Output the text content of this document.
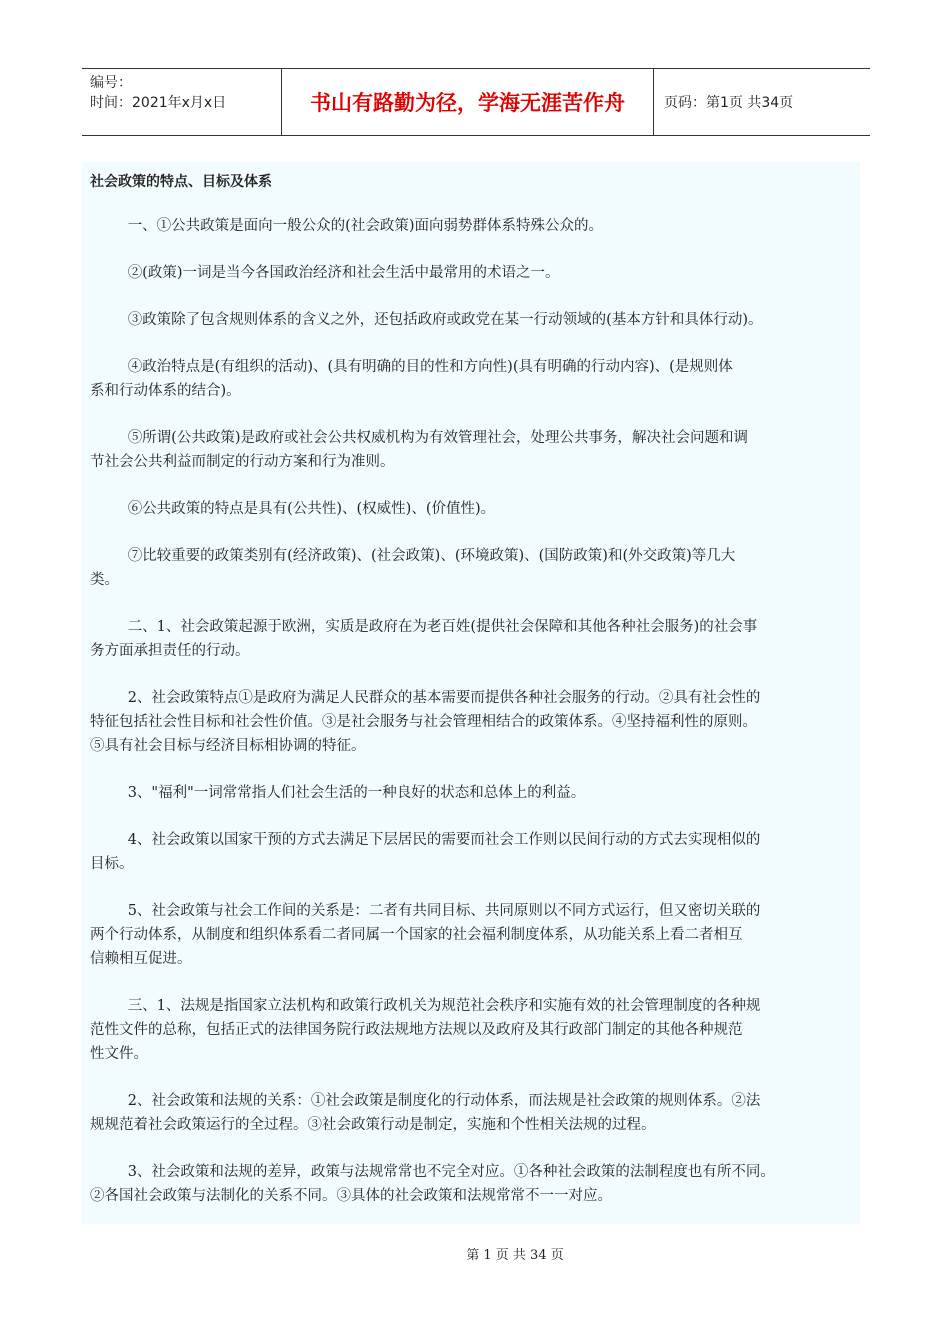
编号：
时间：2021年x月x日	书山有路勤为径，学海无涯苦作舟	页码：第1页 共34页
社会政策的特点、目标及体系

一、①公共政策是面向一般公众的(社会政策)面向弱势群体系特殊公众的。

②(政策)一词是当今各国政治经济和社会生活中最常用的术语之一。

③政策除了包含规则体系的含义之外，还包括政府或政党在某一行动领域的(基本方针和具体行动)。

④政治特点是(有组织的活动)、(具有明确的目的性和方向性)(具有明确的行动内容)、(是规则体
系和行动体系的结合)。

⑤所谓(公共政策)是政府或社会公共权威机构为有效管理社会，处理公共事务，解决社会问题和调
节社会公共利益而制定的行动方案和行为准则。

⑥公共政策的特点是具有(公共性)、(权威性)、(价值性)。

⑦比较重要的政策类别有(经济政策)、(社会政策)、(环境政策)、(国防政策)和(外交政策)等几大
类。

二、1、社会政策起源于欧洲，实质是政府在为老百姓(提供社会保障和其他各种社会服务)的社会事
务方面承担责任的行动。

2、社会政策特点①是政府为满足人民群众的基本需要而提供各种社会服务的行动。②具有社会性的
特征包括社会性目标和社会性价值。③是社会服务与社会管理相结合的政策体系。④坚持福利性的原则。
⑤具有社会目标与经济目标相协调的特征。

3、"福利"一词常常指人们社会生活的一种良好的状态和总体上的利益。

4、社会政策以国家干预的方式去满足下层居民的需要而社会工作则以民间行动的方式去实现相似的
目标。

5、社会政策与社会工作间的关系是：二者有共同目标、共同原则以不同方式运行，但又密切关联的
两个行动体系，从制度和组织体系看二者同属一个国家的社会福利制度体系，从功能关系上看二者相互
信赖相互促进。

三、1、法规是指国家立法机构和政策行政机关为规范社会秩序和实施有效的社会管理制度的各种规
范性文件的总称，包括正式的法律国务院行政法规地方法规以及政府及其行政部门制定的其他各种规范
性文件。

2、社会政策和法规的关系：①社会政策是制度化的行动体系，而法规是社会政策的规则体系。②法
规规范着社会政策运行的全过程。③社会政策行动是制定，实施和个性相关法规的过程。

3、社会政策和法规的差异，政策与法规常常也不完全对应。①各种社会政策的法制程度也有所不同。
②各国社会政策与法制化的关系不同。③具体的社会政策和法规常常不一一对应。

第 1 页 共 34 页
